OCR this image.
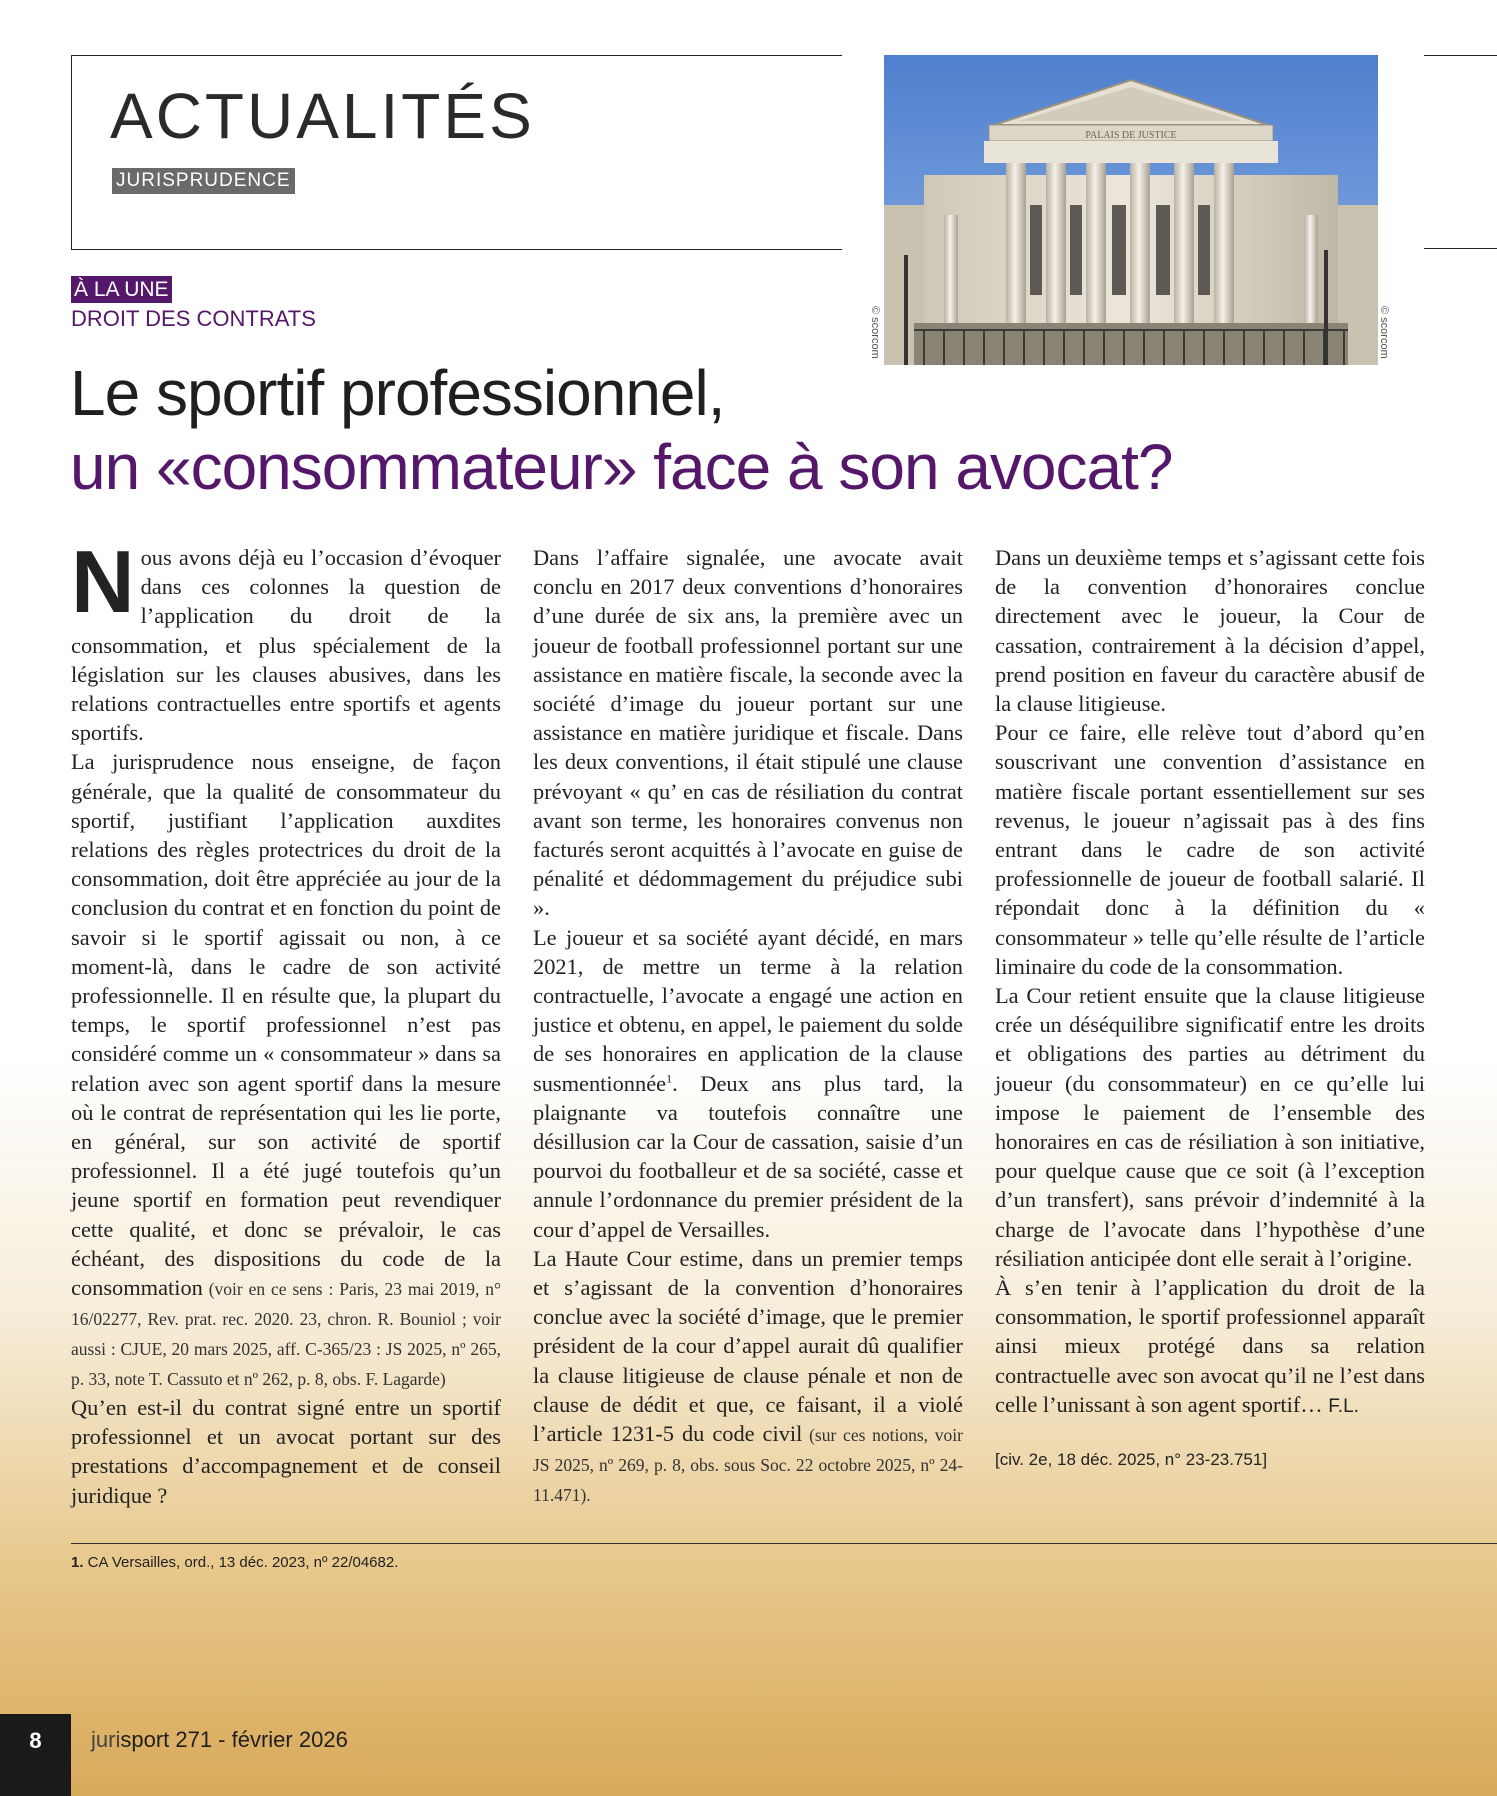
ACTUALITÉS
JURISPRUDENCE
PALAIS DE JUSTICE
© scorcom	© scorcom
À LA UNE
DROIT DES CONTRATS
Le sportif professionnel,
un «consommateur» face à son avocat?

Nous avons déjà eu l’occasion d’évoquer dans ces colonnes la question de l’application du droit de la consommation, et plus spécialement de la législation sur les clauses abusives, dans les relations contractuelles entre sportifs et agents sportifs.

La jurisprudence nous enseigne, de façon générale, que la qualité de consommateur du sportif, justifiant l’application auxdites relations des règles protectrices du droit de la consommation, doit être appréciée au jour de la conclusion du contrat et en fonction du point de savoir si le sportif agissait ou non, à ce moment-là, dans le cadre de son activité professionnelle. Il en résulte que, la plupart du temps, le sportif professionnel n’est pas considéré comme un « consommateur » dans sa relation avec son agent sportif dans la mesure où le contrat de représentation qui les lie porte, en général, sur son activité de sportif professionnel. Il a été jugé toutefois qu’un jeune sportif en formation peut revendiquer cette qualité, et donc se prévaloir, le cas échéant, des dispositions du code de la consommation (voir en ce sens : Paris, 23 mai 2019, n° 16/02277, Rev. prat. rec. 2020. 23, chron. R. Bouniol ; voir aussi : CJUE, 20 mars 2025, aff. C-365/23 : JS 2025, nº 265, p. 33, note T. Cassuto et nº 262, p. 8, obs. F. Lagarde)

Qu’en est-il du contrat signé entre un sportif professionnel et un avocat portant sur des prestations d’accompagnement et de conseil juridique ?

Dans l’affaire signalée, une avocate avait conclu en 2017 deux conventions d’honoraires d’une durée de six ans, la première avec un joueur de football professionnel portant sur une assistance en matière fiscale, la seconde avec la société d’image du joueur portant sur une assistance en matière juridique et fiscale. Dans les deux conventions, il était stipulé une clause prévoyant « qu’ en cas de résiliation du contrat avant son terme, les honoraires convenus non facturés seront acquittés à l’avocate en guise de pénalité et dédommagement du préjudice subi ».

Le joueur et sa société ayant décidé, en mars 2021, de mettre un terme à la relation contractuelle, l’avocate a engagé une action en justice et obtenu, en appel, le paiement du solde de ses honoraires en application de la clause susmentionnée$^1$. Deux ans plus tard, la plaignante va toutefois connaître une désillusion car la Cour de cassation, saisie d’un pourvoi du footballeur et de sa société, casse et annule l’ordonnance du premier président de la cour d’appel de Versailles.

La Haute Cour estime, dans un premier temps et s’agissant de la convention d’honoraires conclue avec la société d’image, que le premier président de la cour d’appel aurait dû qualifier la clause litigieuse de clause pénale et non de clause de dédit et que, ce faisant, il a violé l’article 1231-5 du code civil (sur ces notions, voir JS 2025, nº 269, p. 8, obs. sous Soc. 22 octobre 2025, nº 24-11.471).

Dans un deuxième temps et s’agissant cette fois de la convention d’honoraires conclue directement avec le joueur, la Cour de cassation, contrairement à la décision d’appel, prend position en faveur du caractère abusif de la clause litigieuse.

Pour ce faire, elle relève tout d’abord qu’en souscrivant une convention d’assistance en matière fiscale portant essentiellement sur ses revenus, le joueur n’agissait pas à des fins entrant dans le cadre de son activité professionnelle de joueur de football salarié. Il répondait donc à la définition du « consommateur » telle qu’elle résulte de l’article liminaire du code de la consommation.

La Cour retient ensuite que la clause litigieuse crée un déséquilibre significatif entre les droits et obligations des parties au détriment du joueur (du consommateur) en ce qu’elle lui impose le paiement de l’ensemble des honoraires en cas de résiliation à son initiative, pour quelque cause que ce soit (à l’exception d’un transfert), sans prévoir d’indemnité à la charge de l’avocate dans l’hypothèse d’une résiliation anticipée dont elle serait à l’origine.

À s’en tenir à l’application du droit de la consommation, le sportif professionnel apparaît ainsi mieux protégé dans sa relation contractuelle avec son avocat qu’il ne l’est dans celle l’unissant à son agent sportif… F.L.

[civ. 2e, 18 déc. 2025, n° 23-23.751]
1. CA Versailles, ord., 13 déc. 2023, nº 22/04682.
8	jurisport 271 - février 2026
